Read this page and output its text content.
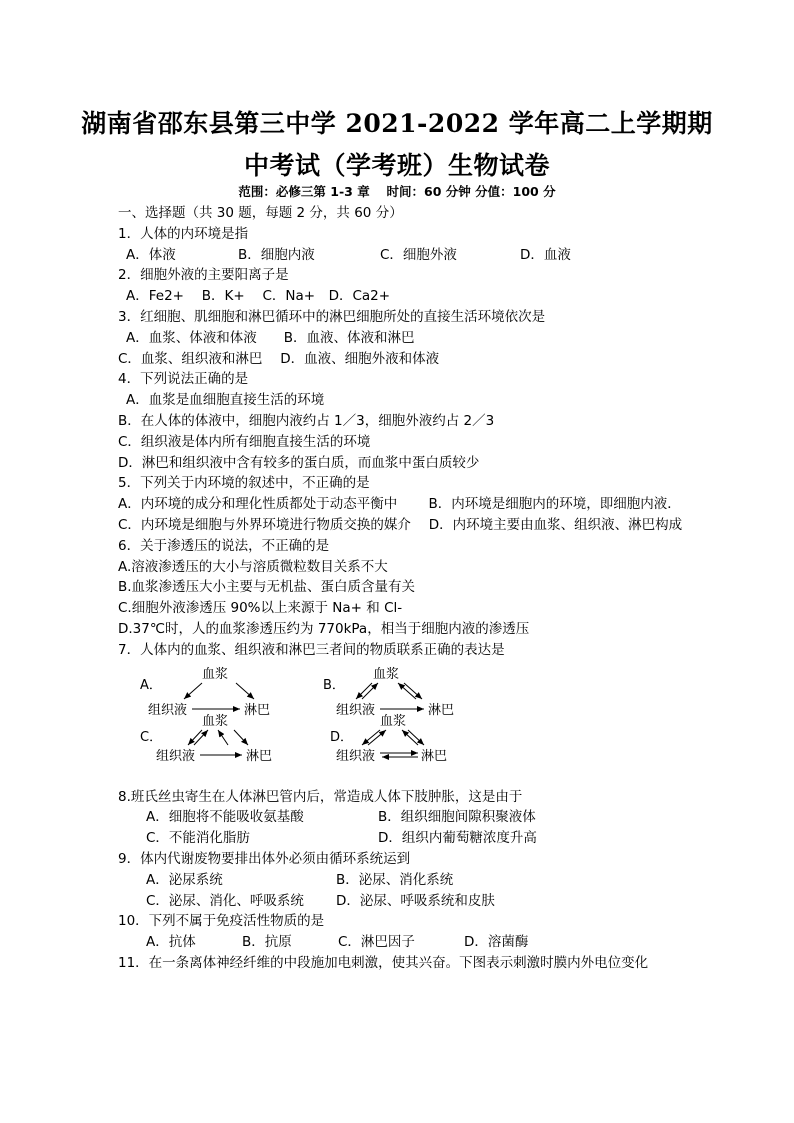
湖南省邵东县第三中学 2021-2022 学年高二上学期期
中考试（学考班）生物试卷
范围：必修三第 1-3 章　 时间：60 分钟 分值：100 分
一、选择题（共 30 题，每题 2 分，共 60 分）
1．人体的内环境是指
A．体液	B．细胞内液	C．细胞外液	D．血液
2．细胞外液的主要阳离子是
A．Fe2+　 B．K+　 C．Na+　D．Ca2+
3．红细胞、肌细胞和淋巴循环中的淋巴细胞所处的直接生活环境依次是
A．血浆、体液和体液　　B．血液、体液和淋巴
C．血浆、组织液和淋巴　 D．血液、细胞外液和体液
4．下列说法正确的是
A．血浆是血细胞直接生活的环境
B．在人体的体液中，细胞内液约占 1／3，细胞外液约占 2／3
C．组织液是体内所有细胞直接生活的环境
D．淋巴和组织液中含有较多的蛋白质，而血浆中蛋白质较少
5．下列关于内环境的叙述中，不正确的是
A．内环境的成分和理化性质都处于动态平衡中　　 B．内环境是细胞内的环境，即细胞内液．
C．内环境是细胞与外界环境进行物质交换的媒介　 D．内环境主要由血浆、组织液、淋巴构成
6．关于渗透压的说法，不正确的是
A.溶液渗透压的大小与溶质微粒数目关系不大
B.血浆渗透压大小主要与无机盐、蛋白质含量有关
C.细胞外液渗透压 90%以上来源于 Na+ 和 Cl-
D.37℃时，人的血浆渗透压约为 770kPa，相当于细胞内液的渗透压
7．人体内的血浆、组织液和淋巴三者间的物质联系正确的表达是
A．
血浆
组织液	淋巴
B．
血浆
组织液	淋巴
C．
血浆
组织液	淋巴
D．
血浆
组织液	淋巴
8.班氏丝虫寄生在人体淋巴管内后，常造成人体下肢肿胀，这是由于
A．细胞将不能吸收氨基酸	B．组织细胞间隙积聚液体
C．不能消化脂肪	D．组织内葡萄糖浓度升高
9．体内代谢废物要排出体外必须由循环系统运到
A．泌尿系统	B．泌尿、消化系统
C．泌尿、消化、呼吸系统 D．泌尿、呼吸系统和皮肤
10．下列不属于免疫活性物质的是
A．抗体	B．抗原	C．淋巴因子	D．溶菌酶
11．在一条离体神经纤维的中段施加电刺激，使其兴奋。下图表示刺激时膜内外电位变化
